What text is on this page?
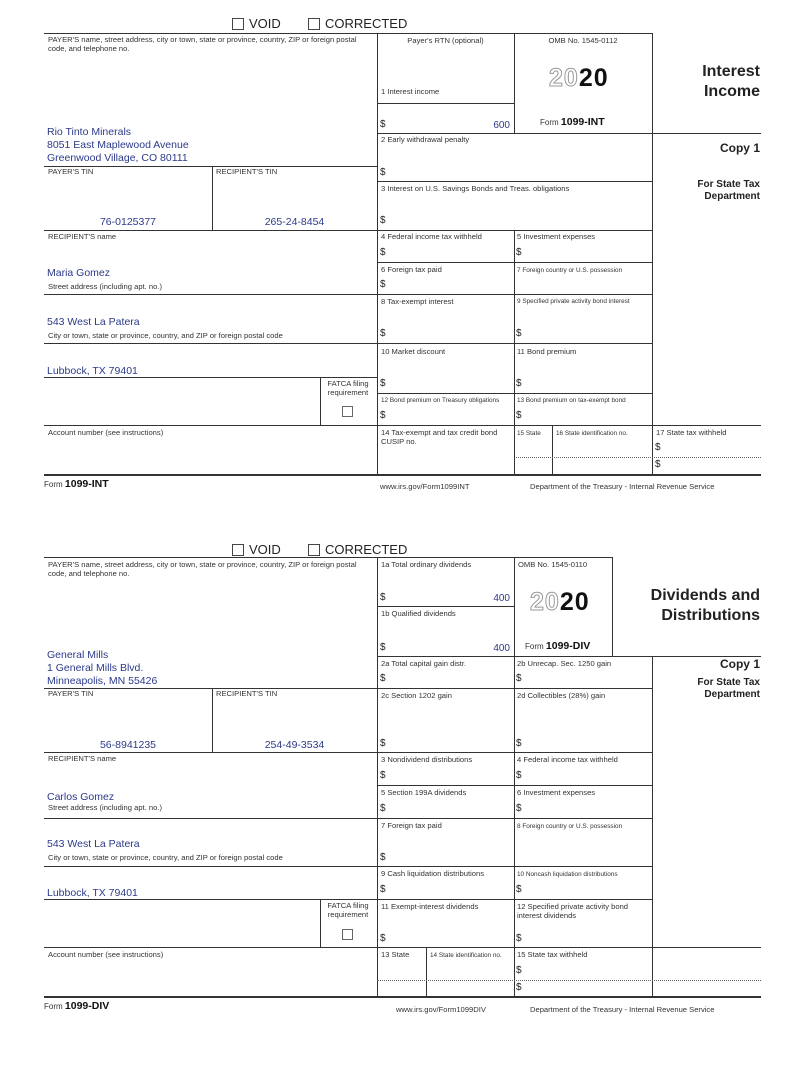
VOID	CORRECTED
PAYER'S name, street address, city or town, state or province, country, ZIP or foreign postal code, and telephone no.
Rio Tinto Minerals
8051 East Maplewood Avenue
Greenwood Village, CO 80111
Payer's RTN (optional)	OMB No. 1545-0112
2020
Form 1099-INT
1 Interest income
$	600
Interest
Income
Copy 1
For State Tax
Department
2 Early withdrawal penalty
$
PAYER'S TIN	RECIPIENT'S TIN
76-0125377	265-24-8454
3 Interest on U.S. Savings Bonds and Treas. obligations
$
RECIPIENT'S name
Maria Gomez
4 Federal income tax withheld
$
5 Investment expenses
$
Street address (including apt. no.)
6 Foreign tax paid
$
7 Foreign country or U.S. possession
543 West La Patera
8 Tax-exempt interest
$
9 Specified private activity bond interest
$
City or town, state or province, country, and ZIP or foreign postal code
Lubbock, TX 79401
10 Market discount
$
11 Bond premium
$
FATCA filing
requirement
12 Bond premium on Treasury obligations
$
13 Bond premium on tax-exempt bond
$
Account number (see instructions)	14 Tax-exempt and tax credit bond CUSIP no.
15 State 16 State identification no.	17 State tax withheld
$
$
Form 1099-INT	www.irs.gov/Form1099INT	Department of the Treasury - Internal Revenue Service
VOID	CORRECTED
PAYER'S name, street address, city or town, state or province, country, ZIP or foreign postal code, and telephone no.
General Mills
1 General Mills Blvd.
Minneapolis, MN 55426
1a Total ordinary dividends
$	400
1b Qualified dividends
$	400
OMB No. 1545-0110
2020
Form 1099-DIV
Dividends and
Distributions
Copy 1
For State Tax
Department
2a Total capital gain distr.
$
2b Unrecap. Sec. 1250 gain
$
PAYER'S TIN	RECIPIENT'S TIN
56-8941235	254-49-3534
2c Section 1202 gain
$
2d Collectibles (28%) gain
$
RECIPIENT'S name
Carlos Gomez
3 Nondividend distributions
$
4 Federal income tax withheld
$
Street address (including apt. no.)
5 Section 199A dividends
$
6 Investment expenses
$
543 West La Patera
7 Foreign tax paid
$
8 Foreign country or U.S. possession
City or town, state or province, country, and ZIP or foreign postal code
Lubbock, TX 79401
9 Cash liquidation distributions
$
10 Noncash liquidation distributions
$
FATCA filing
requirement
11 Exempt-interest dividends
$
12 Specified private activity bond interest dividends
$
Account number (see instructions)	13 State	14 State identification no. 15 State tax withheld
$
$
Form 1099-DIV	www.irs.gov/Form1099DIV	Department of the Treasury - Internal Revenue Service
